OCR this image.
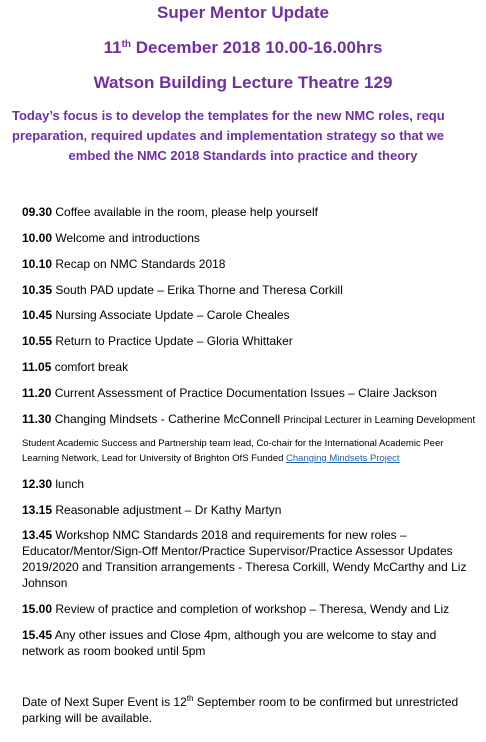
Super Mentor Update
11th December 2018 10.00-16.00hrs
Watson Building Lecture Theatre 129
Today’s focus is to develop the templates for the new NMC roles, requ
preparation, required updates and implementation strategy so that we
embed the NMC 2018 Standards into practice and theory
09.30 Coffee available in the room, please help yourself
10.00 Welcome and introductions
10.10 Recap on NMC Standards 2018
10.35 South PAD update – Erika Thorne and Theresa Corkill
10.45 Nursing Associate Update – Carole Cheales
10.55 Return to Practice Update – Gloria Whittaker
11.05 comfort break
11.20 Current Assessment of Practice Documentation Issues – Claire Jackson
11.30 Changing Mindsets - Catherine McConnell Principal Lecturer in Learning Development
Student Academic Success and Partnership team lead, Co-chair for the International Academic Peer Learning Network, Lead for University of Brighton OfS Funded Changing Mindsets Project
12.30 lunch
13.15 Reasonable adjustment – Dr Kathy Martyn
13.45 Workshop NMC Standards 2018 and requirements for new roles – Educator/Mentor/Sign-Off Mentor/Practice Supervisor/Practice Assessor Updates 2019/2020 and Transition arrangements - Theresa Corkill, Wendy McCarthy and Liz Johnson
15.00 Review of practice and completion of workshop – Theresa, Wendy and Liz
15.45 Any other issues and Close 4pm, although you are welcome to stay and network as room booked until 5pm
Date of Next Super Event is 12th September room to be confirmed but unrestricted parking will be available.
